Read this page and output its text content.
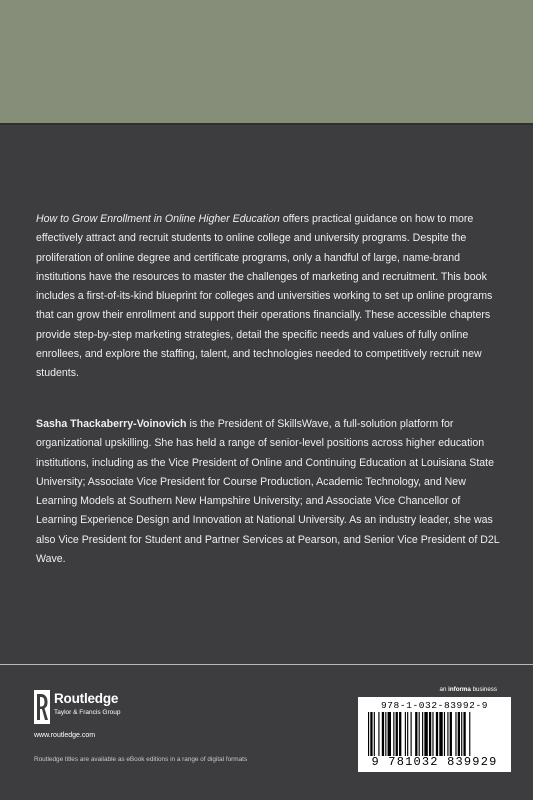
How to Grow Enrollment in Online Higher Education offers practical guidance on how to more effectively attract and recruit students to online college and university programs. Despite the proliferation of online degree and certificate programs, only a handful of large, name-brand institutions have the resources to master the challenges of marketing and recruitment. This book includes a first-of-its-kind blueprint for colleges and universities working to set up online programs that can grow their enrollment and support their operations financially. These accessible chapters provide step-by-step marketing strategies, detail the specific needs and values of fully online enrollees, and explore the staffing, talent, and technologies needed to competitively recruit new students.

Sasha Thackaberry-Voinovich is the President of SkillsWave, a full-solution platform for organizational upskilling. She has held a range of senior-level positions across higher education institutions, including as the Vice President of Online and Continuing Education at Louisiana State University; Associate Vice President for Course Production, Academic Technology, and New Learning Models at Southern New Hampshire University; and Associate Vice Chancellor of Learning Experience Design and Innovation at National University. As an industry leader, she was also Vice President for Student and Partner Services at Pearson, and Senior Vice President of D2L Wave.

Routledge
Taylor & Francis Group
www.routledge.com
Routledge titles are available as eBook editions in a range of digital formats
an informa business
978-1-032-83992-9
9 781032 839929
